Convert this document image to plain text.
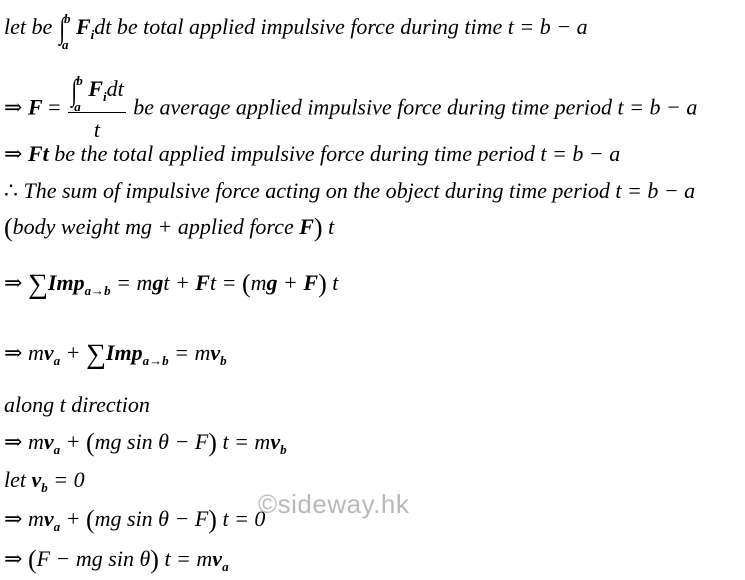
let be ∫ b
a
$F_idt$ be total applied impulsive force during time t = b − a
⇒ F = ∫ b
a
$F_idt$
t be average applied impulsive force during time period t = b − a
⇒ Ft be the total applied impulsive force during time period t = b − a
∴ The sum of impulsive force acting on the object during time period t = b − a
(body weight mg + applied force F) t
⇒ ∑Imp$_{a\to b}$ = mgt + Ft = (mg + F) t
⇒ $mv_a + \sum Imp_{a\to b} = mv_b$
along t direction
⇒ $mv_a + (mg$ sin θ − F) $t = mv_b$
let $v_b = 0$
⇒ $mv_a + (mg$ sin θ − F) t = 0
⇒ (F − mg sin θ) $t = mv_a$
©sideway.hk
